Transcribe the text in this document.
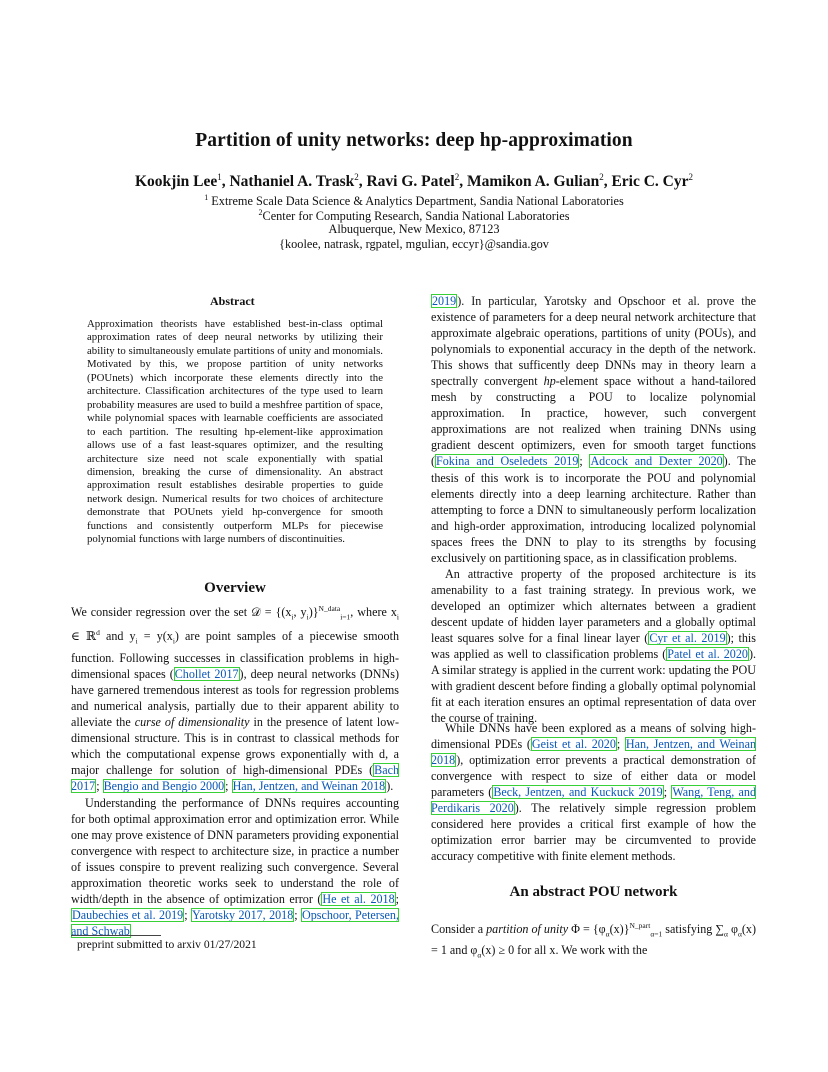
Partition of unity networks: deep hp-approximation
Kookjin Lee$^1$, Nathaniel A. Trask$^2$, Ravi G. Patel$^2$, Mamikon A. Gulian$^2$, Eric C. Cyr$^2$
$^1$ Extreme Scale Data Science & Analytics Department, Sandia National Laboratories
$^2$Center for Computing Research, Sandia National Laboratories
Albuquerque, New Mexico, 87123
{koolee, natrask, rgpatel, mgulian, eccyr}@sandia.gov
Abstract

Approximation theorists have established best-in-class optimal approximation rates of deep neural networks by utilizing their ability to simultaneously emulate partitions of unity and monomials. Motivated by this, we propose partition of unity networks (POUnets) which incorporate these elements directly into the architecture. Classification architectures of the type used to learn probability measures are used to build a meshfree partition of space, while polynomial spaces with learnable coefficients are associated to each partition. The resulting hp-element-like approximation allows use of a fast least-squares optimizer, and the resulting architecture size need not scale exponentially with spatial dimension, breaking the curse of dimensionality. An abstract approximation result establishes desirable properties to guide network design. Numerical results for two choices of architecture demonstrate that POUnets yield hp-convergence for smooth functions and consistently outperform MLPs for piecewise polynomial functions with large numbers of discontinuities.

Overview

We consider regression over the set 𝒟 = {($x_i$, $y_i)\}^{N\_data}_{i=1}$, where $x_i$ ∈ ℝ$^d$ and $y_i = y(x_i)$ are point samples of a piecewise smooth function. Following successes in classification problems in high-dimensional spaces (Chollet 2017), deep neural networks (DNNs) have garnered tremendous interest as tools for regression problems and numerical analysis, partially due to their apparent ability to alleviate the curse of dimensionality in the presence of latent low-dimensional structure. This is in contrast to classical methods for which the computational expense grows exponentially with d, a major challenge for solution of high-dimensional PDEs (Bach 2017; Bengio and Bengio 2000; Han, Jentzen, and Weinan 2018).

Understanding the performance of DNNs requires accounting for both optimal approximation error and optimization error. While one may prove existence of DNN parameters providing exponential convergence with respect to architecture size, in practice a number of issues conspire to prevent realizing such convergence. Several approximation theoretic works seek to understand the role of width/depth in the absence of optimization error (He et al. 2018; Daubechies et al. 2019; Yarotsky 2017, 2018; Opschoor, Petersen, and Schwab

preprint submitted to arxiv 01/27/2021

2019). In particular, Yarotsky and Opschoor et al. prove the existence of parameters for a deep neural network architecture that approximate algebraic operations, partitions of unity (POUs), and polynomials to exponential accuracy in the depth of the network. This shows that sufficently deep DNNs may in theory learn a spectrally convergent hp-element space without a hand-tailored mesh by constructing a POU to localize polynomial approximation. In practice, however, such convergent approximations are not realized when training DNNs using gradient descent optimizers, even for smooth target functions (Fokina and Oseledets 2019; Adcock and Dexter 2020). The thesis of this work is to incorporate the POU and polynomial elements directly into a deep learning architecture. Rather than attempting to force a DNN to simultaneously perform localization and high-order approximation, introducing localized polynomial spaces frees the DNN to play to its strengths by focusing exclusively on partitioning space, as in classification problems.

An attractive property of the proposed architecture is its amenability to a fast training strategy. In previous work, we developed an optimizer which alternates between a gradient descent update of hidden layer parameters and a globally optimal least squares solve for a final linear layer (Cyr et al. 2019); this was applied as well to classification problems (Patel et al. 2020). A similar strategy is applied in the current work: updating the POU with gradient descent before finding a globally optimal polynomial fit at each iteration ensures an optimal representation of data over the course of training.

While DNNs have been explored as a means of solving high-dimensional PDEs (Geist et al. 2020; Han, Jentzen, and Weinan 2018), optimization error prevents a practical demonstration of convergence with respect to size of either data or model parameters (Beck, Jentzen, and Kuckuck 2019; Wang, Teng, and Perdikaris 2020). The relatively simple regression problem considered here provides a critical first example of how the optimization error barrier may be circumvented to provide accuracy competitive with finite element methods.

An abstract POU network

Consider a partition of unity $\Phi = \{\varphi_\alpha(x)\}^{N\_part}_{\alpha=1}$ satisfying $\sum_\alpha$ $\varphi_\alpha(x) = 1$ and $\varphi_\alpha(x) \ge 0$ for all x. We work with the
